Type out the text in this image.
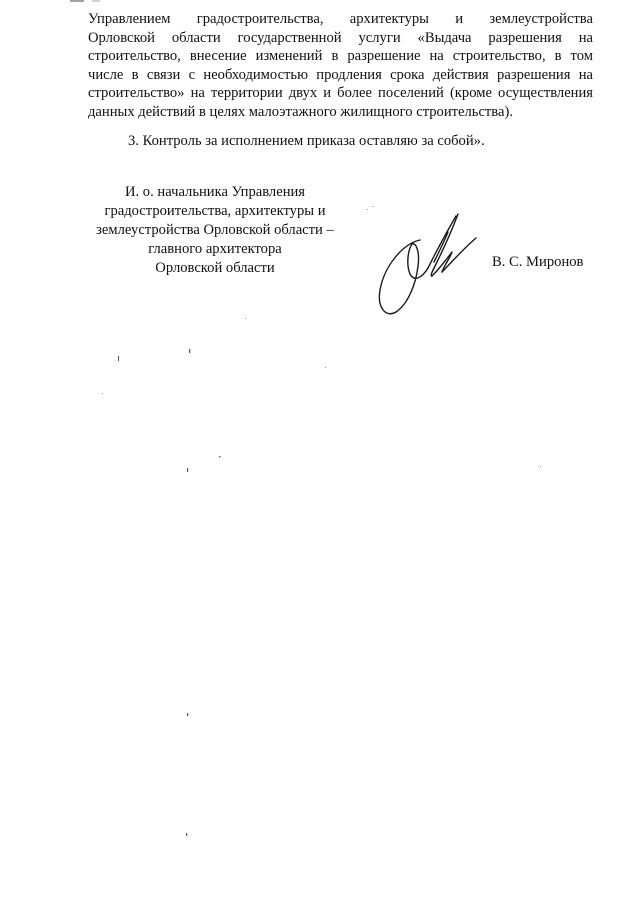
Управлением градостроительства, архитектуры и землеустройства
Орловской области государственной услуги «Выдача разрешения на
строительство, внесение изменений в разрешение на строительство, в том
числе в связи с необходимостью продления срока действия разрешения на
строительство» на территории двух и более поселений (кроме осуществления
данных действий в целях малоэтажного жилищного строительства).

3. Контроль за исполнением приказа оставляю за собой».

И. о. начальника Управления
градостроительства, архитектуры и
землеустройства Орловской области –
главного архитектора
Орловской области	В. С. Миронов
